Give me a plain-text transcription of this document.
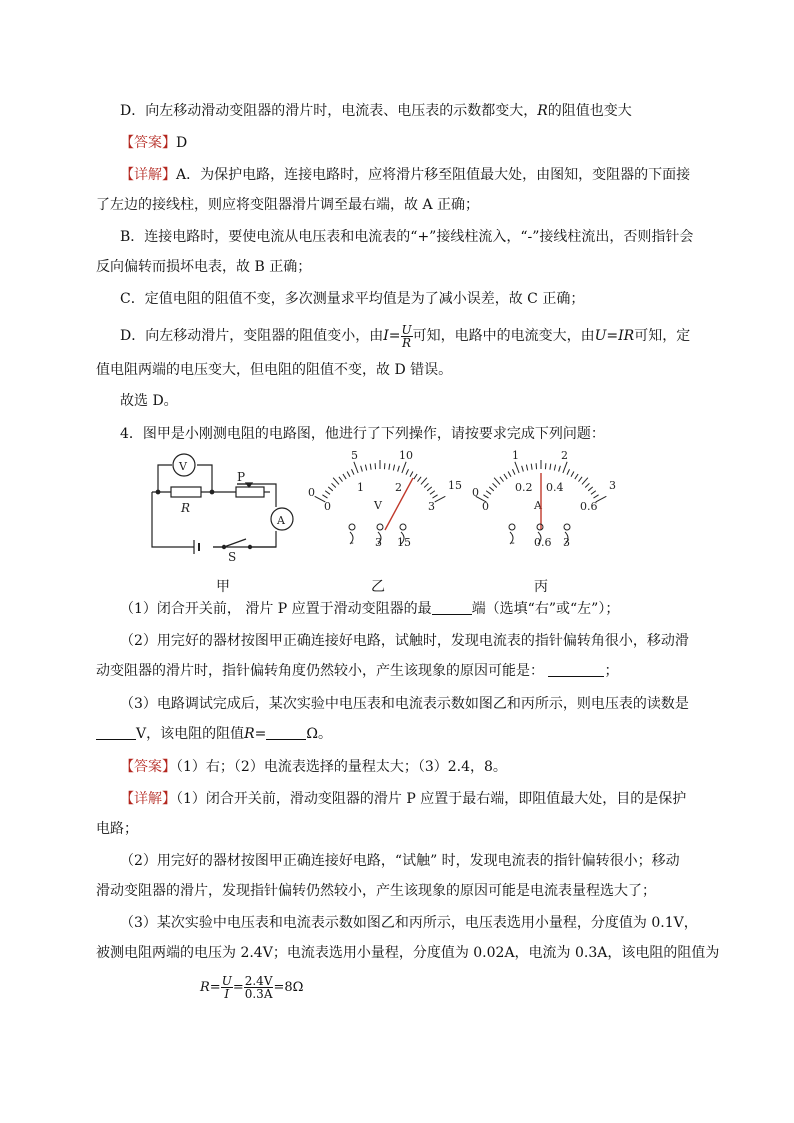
D．向左移动滑动变阻器的滑片时，电流表、电压表的示数都变大，R的阻值也变大
【答案】D
【详解】A．为保护电路，连接电路时，应将滑片移至阻值最大处，由图知，变阻器的下面接
了左边的接线柱，则应将变阻器滑片调至最右端，故 A 正确；
B．连接电路时，要使电流从电压表和电流表的“+”接线柱流入，“-”接线柱流出，否则指针会
反向偏转而损坏电表，故 B 正确；
C．定值电阻的阻值不变，多次测量求平均值是为了减小误差，故 C 正确；
D．向左移动滑片，变阻器的阻值变小，由$I= \frac{U}{R}$ 可知，电路中的电流变大，由U=IR可知，定
值电阻两端的电压变大，但电阻的阻值不变，故 D 错误。
故选 D。
4．图甲是小刚测电阻的电路图，他进行了下列操作，请按要求完成下列问题：
V
A
R
P
S
0
5	10
15
0
1	2
3
V
- 3 15
0
1	2
3
0
0.2 0.4
0.6
A
- 0.6 3
甲	乙	丙
（1）闭合开关前， 滑片 P 应置于滑动变阻器的最	端（选填“右”或“左”）；
（2）用完好的器材按图甲正确连接好电路，试触时，发现电流表的指针偏转角很小，移动滑
动变阻器的滑片时，指针偏转角度仍然较小，产生该现象的原因可能是：	；
（3）电路调试完成后，某次实验中电压表和电流表示数如图乙和丙所示，则电压表的读数是
V，该电阻的阻值R=	Ω。
【答案】（1）右；（2）电流表选择的量程太大；（3）2.4，8。
【详解】（1）闭合开关前，滑动变阻器的滑片 P 应置于最右端，即阻值最大处，目的是保护
电路；
（2）用完好的器材按图甲正确连接好电路，“试触” 时，发现电流表的指针偏转很小；移动
滑动变阻器的滑片，发现指针偏转仍然较小，产生该现象的原因可能是电流表量程选大了；
（3）某次实验中电压表和电流表示数如图乙和丙所示，电压表选用小量程，分度值为 0.1V，
被测电阻两端的电压为 2.4V；电流表选用小量程，分度值为 0.02A，电流为 0.3A，该电阻的阻值为
$R= \frac{U}{I} = \frac{2.4V}{0.3A} =8\Omega$
